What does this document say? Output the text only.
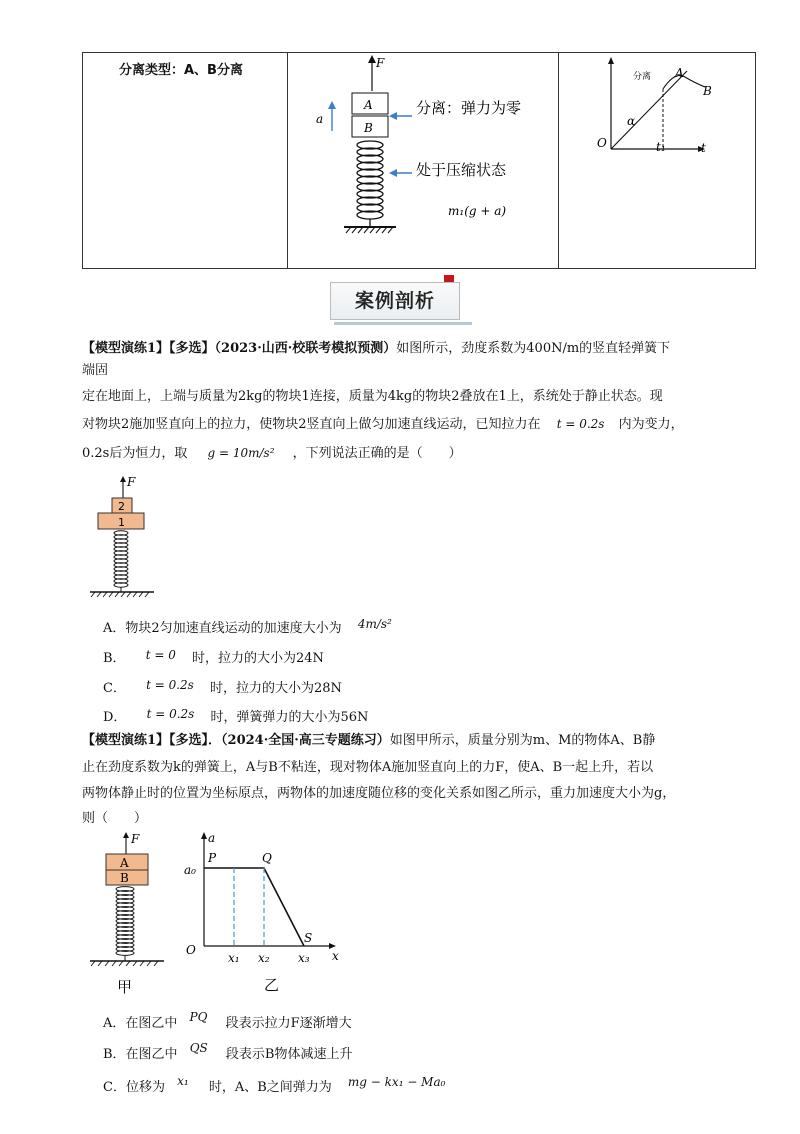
分离类型：A、B分离	F
A
B
a
分离：弹力为零
处于压缩状态
m₁(g + a)

O	t
t₁
分离 A
B
α
案例剖析
【模型演练1】【多选】（2023·山西·校联考模拟预测）如图所示，劲度系数为400N/m的竖直轻弹簧下
端固
定在地面上，上端与质量为2kg的物块1连接，质量为4kg的物块2叠放在1上，系统处于静止状态。现
对物块2施加竖直向上的拉力，使物块2竖直向上做匀加速直线运动，已知拉力在 t = 0.2s 内为变力，
0.2s后为恒力，取 g = 10m/s² ，下列说法正确的是（　　）
F
2
1
A．物块2匀加速直线运动的加速度大小为 4m/s²
B． t = 0 时，拉力的大小为24N
C． t = 0.2s 时，拉力的大小为28N
D． t = 0.2s 时，弹簧弹力的大小为56N
【模型演练1】【多选】．（2024·全国·高三专题练习）如图甲所示，质量分别为m、M的物体A、B静
止在劲度系数为k的弹簧上，A与B不粘连，现对物体A施加竖直向上的力F，使A、B一起上升，若以
两物体静止时的位置为坐标原点，两物体的加速度随位移的变化关系如图乙所示，重力加速度大小为g，
则（　　）
F
A
B
甲
a
x
O
a₀
P	Q
S
x₁ x₂ x₃
乙
A．在图乙中 PQ 段表示拉力F逐渐增大
B．在图乙中 QS 段表示B物体减速上升
C．位移为 x₁ 时，A、B之间弹力为 mg − kx₁ − Ma₀
